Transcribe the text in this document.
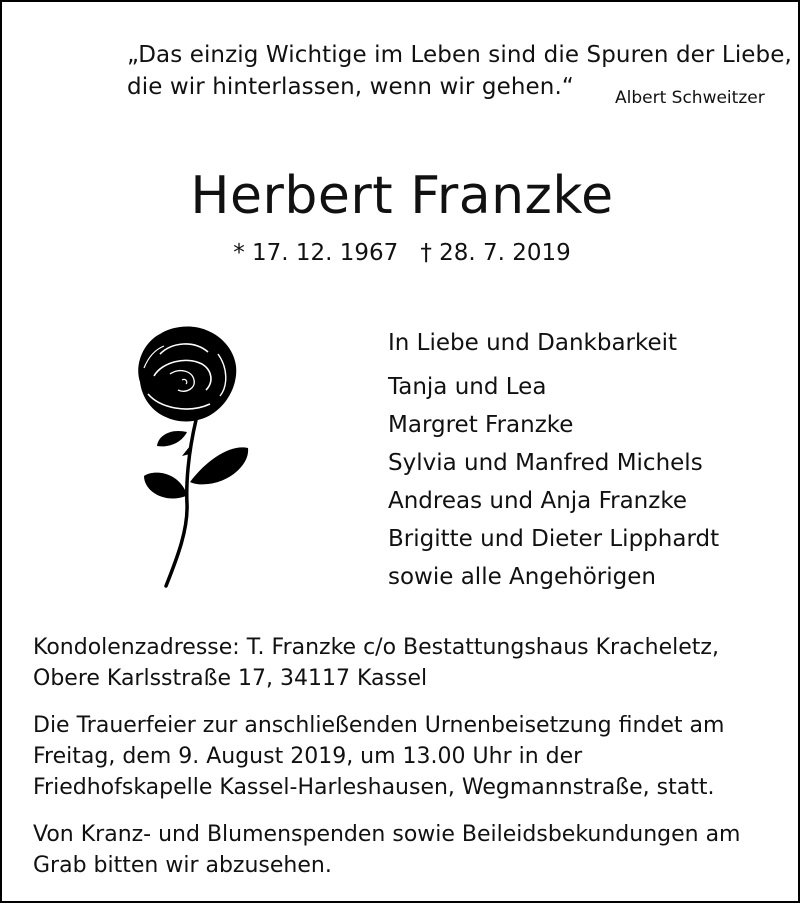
„Das einzig Wichtige im Leben sind die Spuren der Liebe,
die wir hinterlassen, wenn wir gehen.“	Albert Schweitzer
Herbert Franzke
* 17. 12. 1967 † 28. 7. 2019
In Liebe und Dankbarkeit
Tanja und Lea
Margret Franzke
Sylvia und Manfred Michels
Andreas und Anja Franzke
Brigitte und Dieter Lipphardt
sowie alle Angehörigen

Kondolenzadresse: T. Franzke c/o Bestattungshaus Kracheletz,
Obere Karlsstraße 17, 34117 Kassel

Die Trauerfeier zur anschließenden Urnenbeisetzung findet am
Freitag, dem 9. August 2019, um 13.00 Uhr in der
Friedhofskapelle Kassel-Harleshausen, Wegmannstraße, statt.

Von Kranz- und Blumenspenden sowie Beileidsbekundungen am
Grab bitten wir abzusehen.
